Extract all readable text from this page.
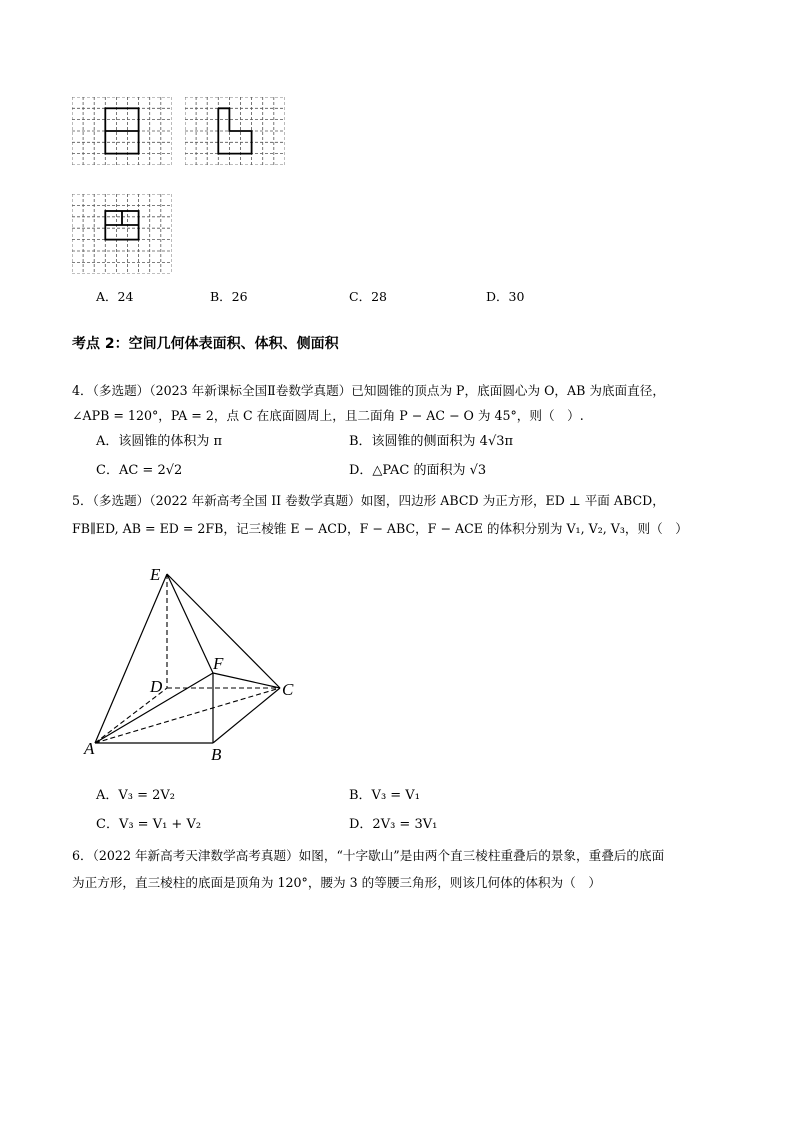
A．24	B．26	C．28	D．30
考点 2：空间几何体表面积、体积、侧面积
4．（多选题）（2023 年新课标全国Ⅱ卷数学真题）已知圆锥的顶点为 P，底面圆心为 O，AB 为底面直径，
∠APB = 120°，PA = 2，点 C 在底面圆周上，且二面角 P − AC − O 为 45°，则（　）.
A．该圆锥的体积为 π	B．该圆锥的侧面积为 4√3π
C．AC = 2√2	D．△PAC 的面积为 √3
5．（多选题）（2022 年新高考全国 II 卷数学真题）如图，四边形 ABCD 为正方形，ED ⊥ 平面 ABCD，
FB∥ED, AB = ED = 2FB，记三棱锥 E − ACD，F − ABC，F − ACE 的体积分别为 V₁, V₂, V₃，则（　）
E
F
D	C
A	B
A．V₃ = 2V₂	B．V₃ = V₁
C．V₃ = V₁ + V₂	D．2V₃ = 3V₁
6．（2022 年新高考天津数学高考真题）如图，“十字歇山”是由两个直三棱柱重叠后的景象，重叠后的底面
为正方形，直三棱柱的底面是顶角为 120°，腰为 3 的等腰三角形，则该几何体的体积为（　）
